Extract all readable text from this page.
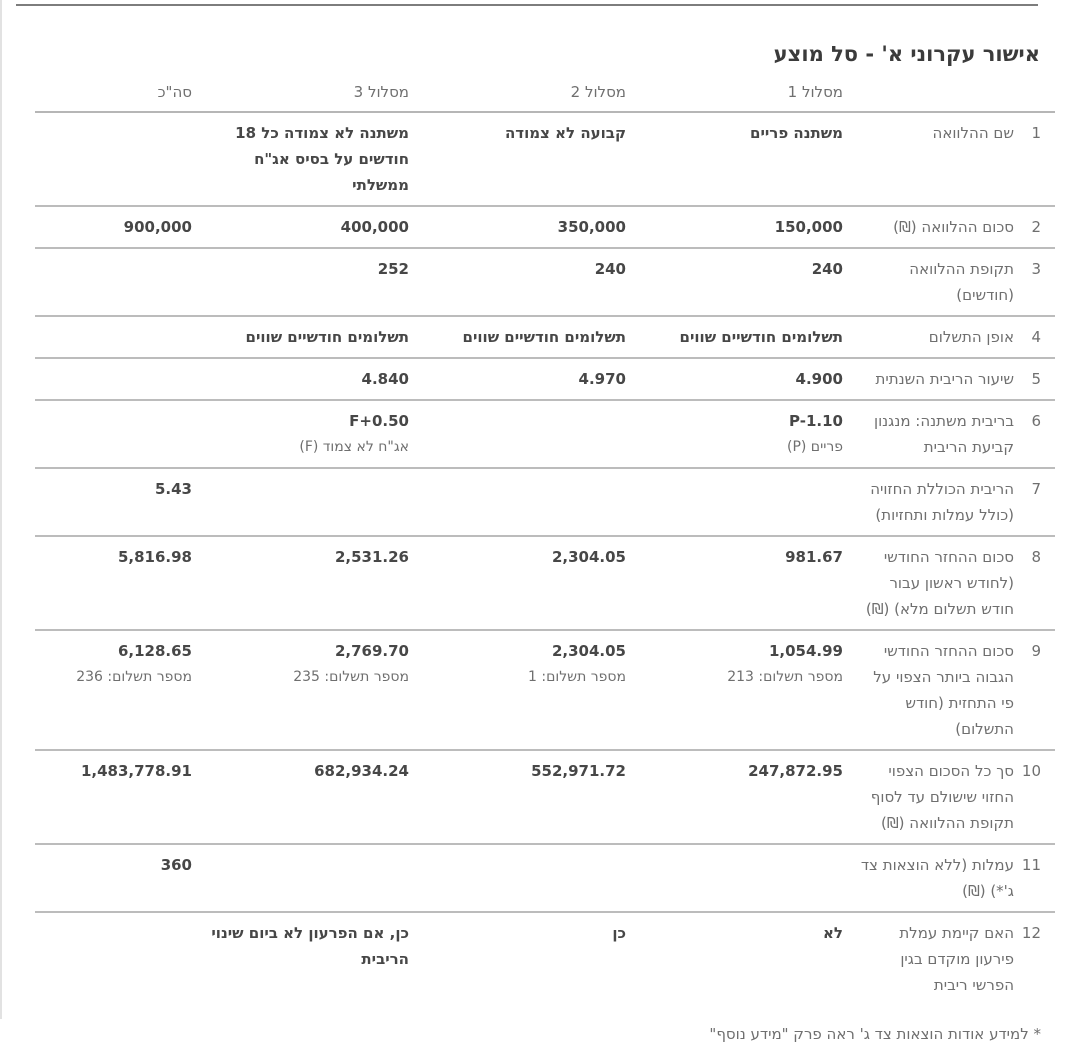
אישור עקרוני א' - סל מוצע
מסלול 1
מסלול 2
מסלול 3
סה"כ
1
שם ההלוואה
משתנה פריים
קבועה לא צמודה
משתנה לא צמודה כל 18 חודשים על בסיס אג"ח ממשלתי
2
סכום ההלוואה (₪)
150,000
350,000
400,000
900,000
3
תקופת ההלוואה (חודשים)
240
240
252
4
אופן התשלום
תשלומים חודשיים שווים
תשלומים חודשיים שווים
תשלומים חודשיים שווים
5
שיעור הריבית השנתית
4.900
4.970
4.840
6
בריבית משתנה: מנגנון קביעת הריבית
P-1.10
פריים (P)
F+0.50
אג"ח לא צמוד (F)
7
הריבית הכוללת החזויה (כולל עמלות ותחזיות)
5.43
8
סכום ההחזר החודשי (לחודש ראשון עבור חודש תשלום מלא) (₪)
981.67
2,304.05
2,531.26
5,816.98
9
סכום ההחזר החודשי הגבוה ביותר הצפוי על פי התחזית (חודש התשלום)
1,054.99
מספר תשלום: 213
2,304.05
מספר תשלום: 1
2,769.70
מספר תשלום: 235
6,128.65
מספר תשלום: 236
10
סך כל הסכום הצפוי החזוי שישולם עד לסוף תקופת ההלוואה (₪)
247,872.95
552,971.72
682,934.24
1,483,778.91
11
עמלות (ללא הוצאות צד ג'*) (₪)
360
12
האם קיימת עמלת פירעון מוקדם בגין הפרשי ריבית
לא
כן
כן, אם הפרעון לא ביום שינוי הריבית
* למידע אודות הוצאות צד ג' ראה פרק "מידע נוסף"
